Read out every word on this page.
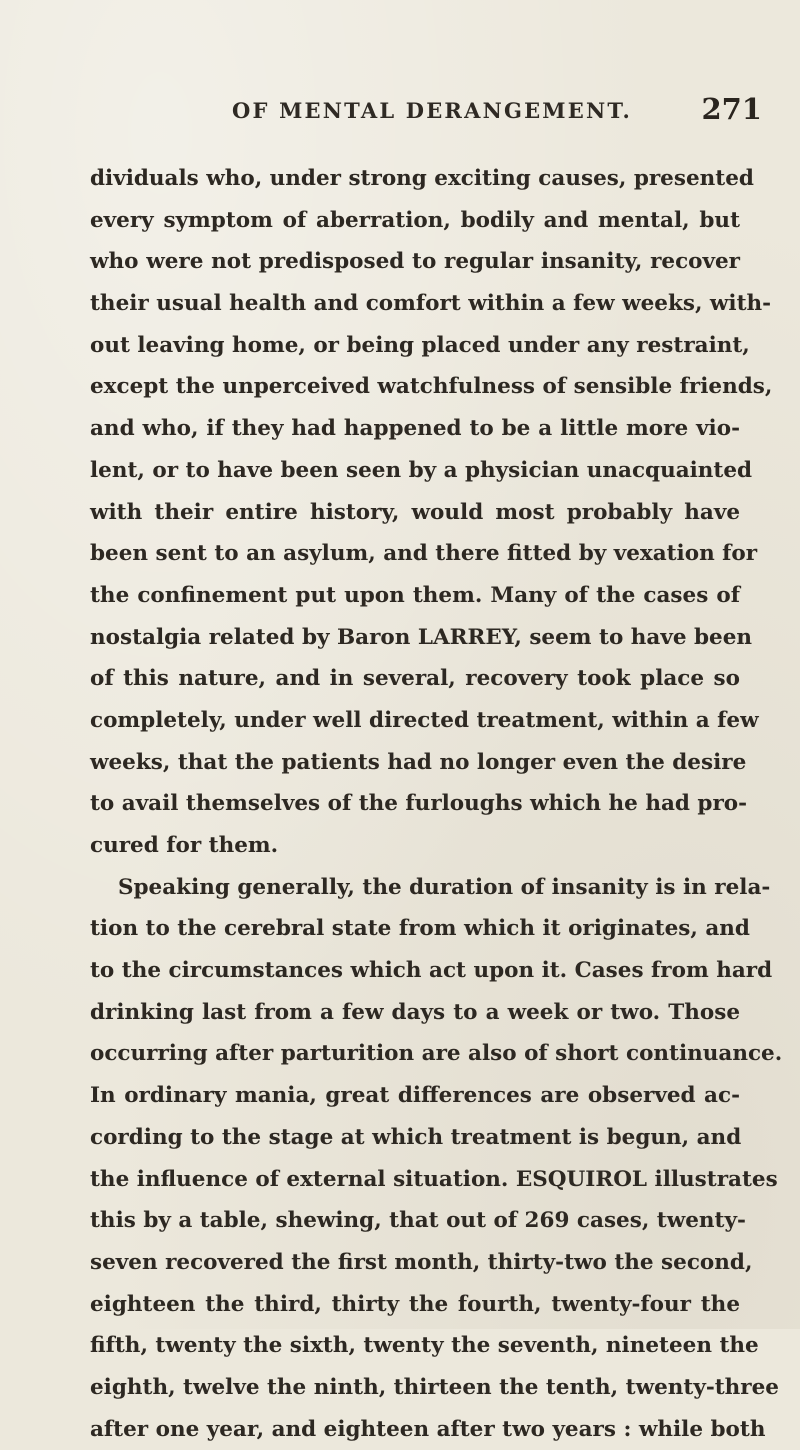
OF MENTAL DERANGEMENT. 271
dividuals who, under strong exciting causes, presented
every symptom of aberration, bodily and mental, but
who were not predisposed to regular insanity, recover
their usual health and comfort within a few weeks, with-
out leaving home, or being placed under any restraint,
except the unperceived watchfulness of sensible friends,
and who, if they had happened to be a little more vio-
lent, or to have been seen by a physician unacquainted
with their entire history, would most probably have
been sent to an asylum, and there fitted by vexation for
the confinement put upon them. Many of the cases of
nostalgia related by Baron LARREY, seem to have been
of this nature, and in several, recovery took place so
completely, under well directed treatment, within a few
weeks, that the patients had no longer even the desire
to avail themselves of the furloughs which he had pro-
cured for them.
Speaking generally, the duration of insanity is in rela-
tion to the cerebral state from which it originates, and
to the circumstances which act upon it. Cases from hard
drinking last from a few days to a week or two. Those
occurring after parturition are also of short continuance.
In ordinary mania, great differences are observed ac-
cording to the stage at which treatment is begun, and
the influence of external situation. ESQUIROL illustrates
this by a table, shewing, that out of 269 cases, twenty-
seven recovered the first month, thirty-two the second,
eighteen the third, thirty the fourth, twenty-four the
fifth, twenty the sixth, twenty the seventh, nineteen the
eighth, twelve the ninth, thirteen the tenth, twenty-three
after one year, and eighteen after two years : while both
